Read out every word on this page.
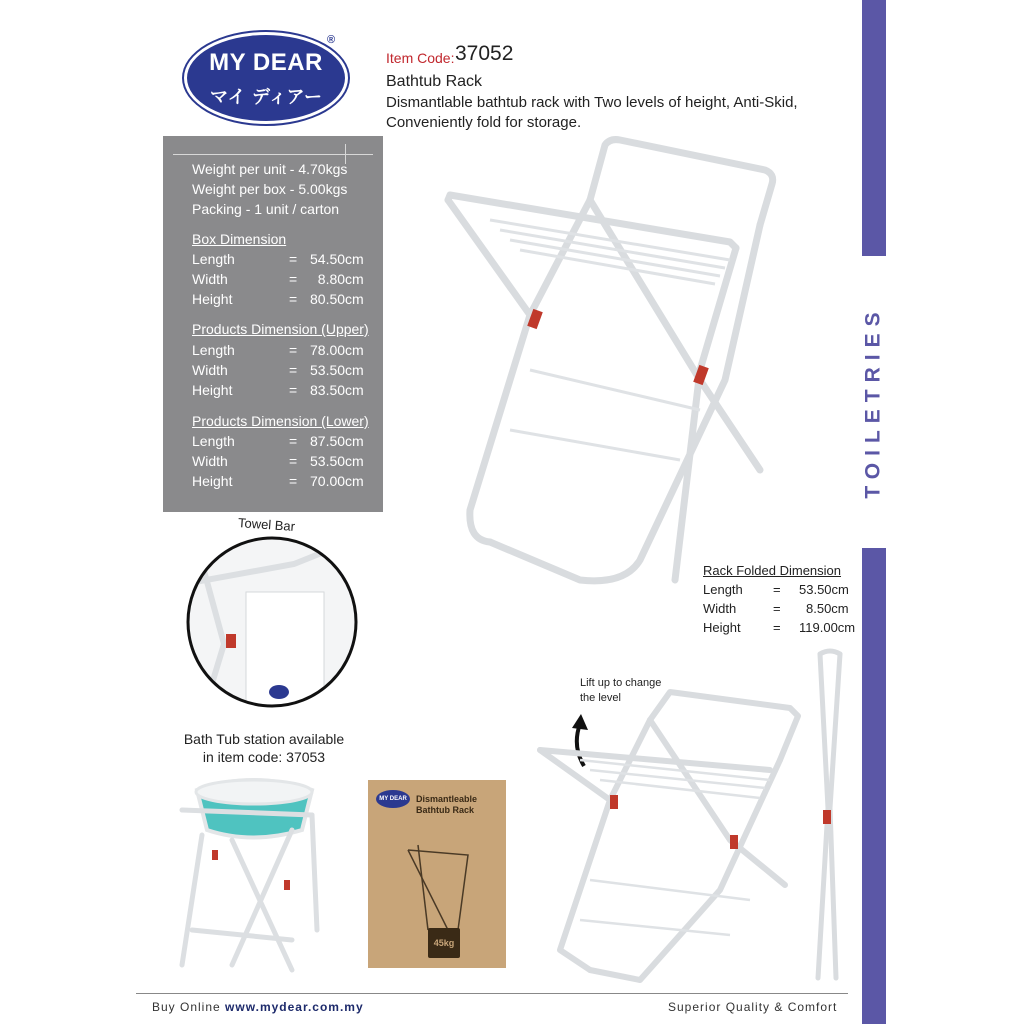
MY DEAR
マイ ディアー
®
Item Code: 37052
Bathtub Rack
Dismantlable bathtub rack with Two levels of height, Anti-Skid, Conveniently fold for storage.
Weight per unit - 4.70kgs
Weight per box - 5.00kgs
Packing - 1 unit / carton
Box Dimension
Length	= 54.50cm
Width	= 8.80cm
Height	= 80.50cm
Products Dimension (Upper)
Length	= 78.00cm
Width	= 53.50cm
Height	= 83.50cm
Products Dimension (Lower)
Length	= 87.50cm
Width	= 53.50cm
Height	= 70.00cm
Towel Bar
Bath Tub station available
in item code: 37053
MY DEAR	Dismantleable
Bathtub Rack
45kg
Rack Folded Dimension
Length = 53.50cm
Width	= 8.50cm
Height = 119.00cm
Lift up to change
the level
TOILETRIES
Buy Online www.mydear.com.my	Superior Quality & Comfort
